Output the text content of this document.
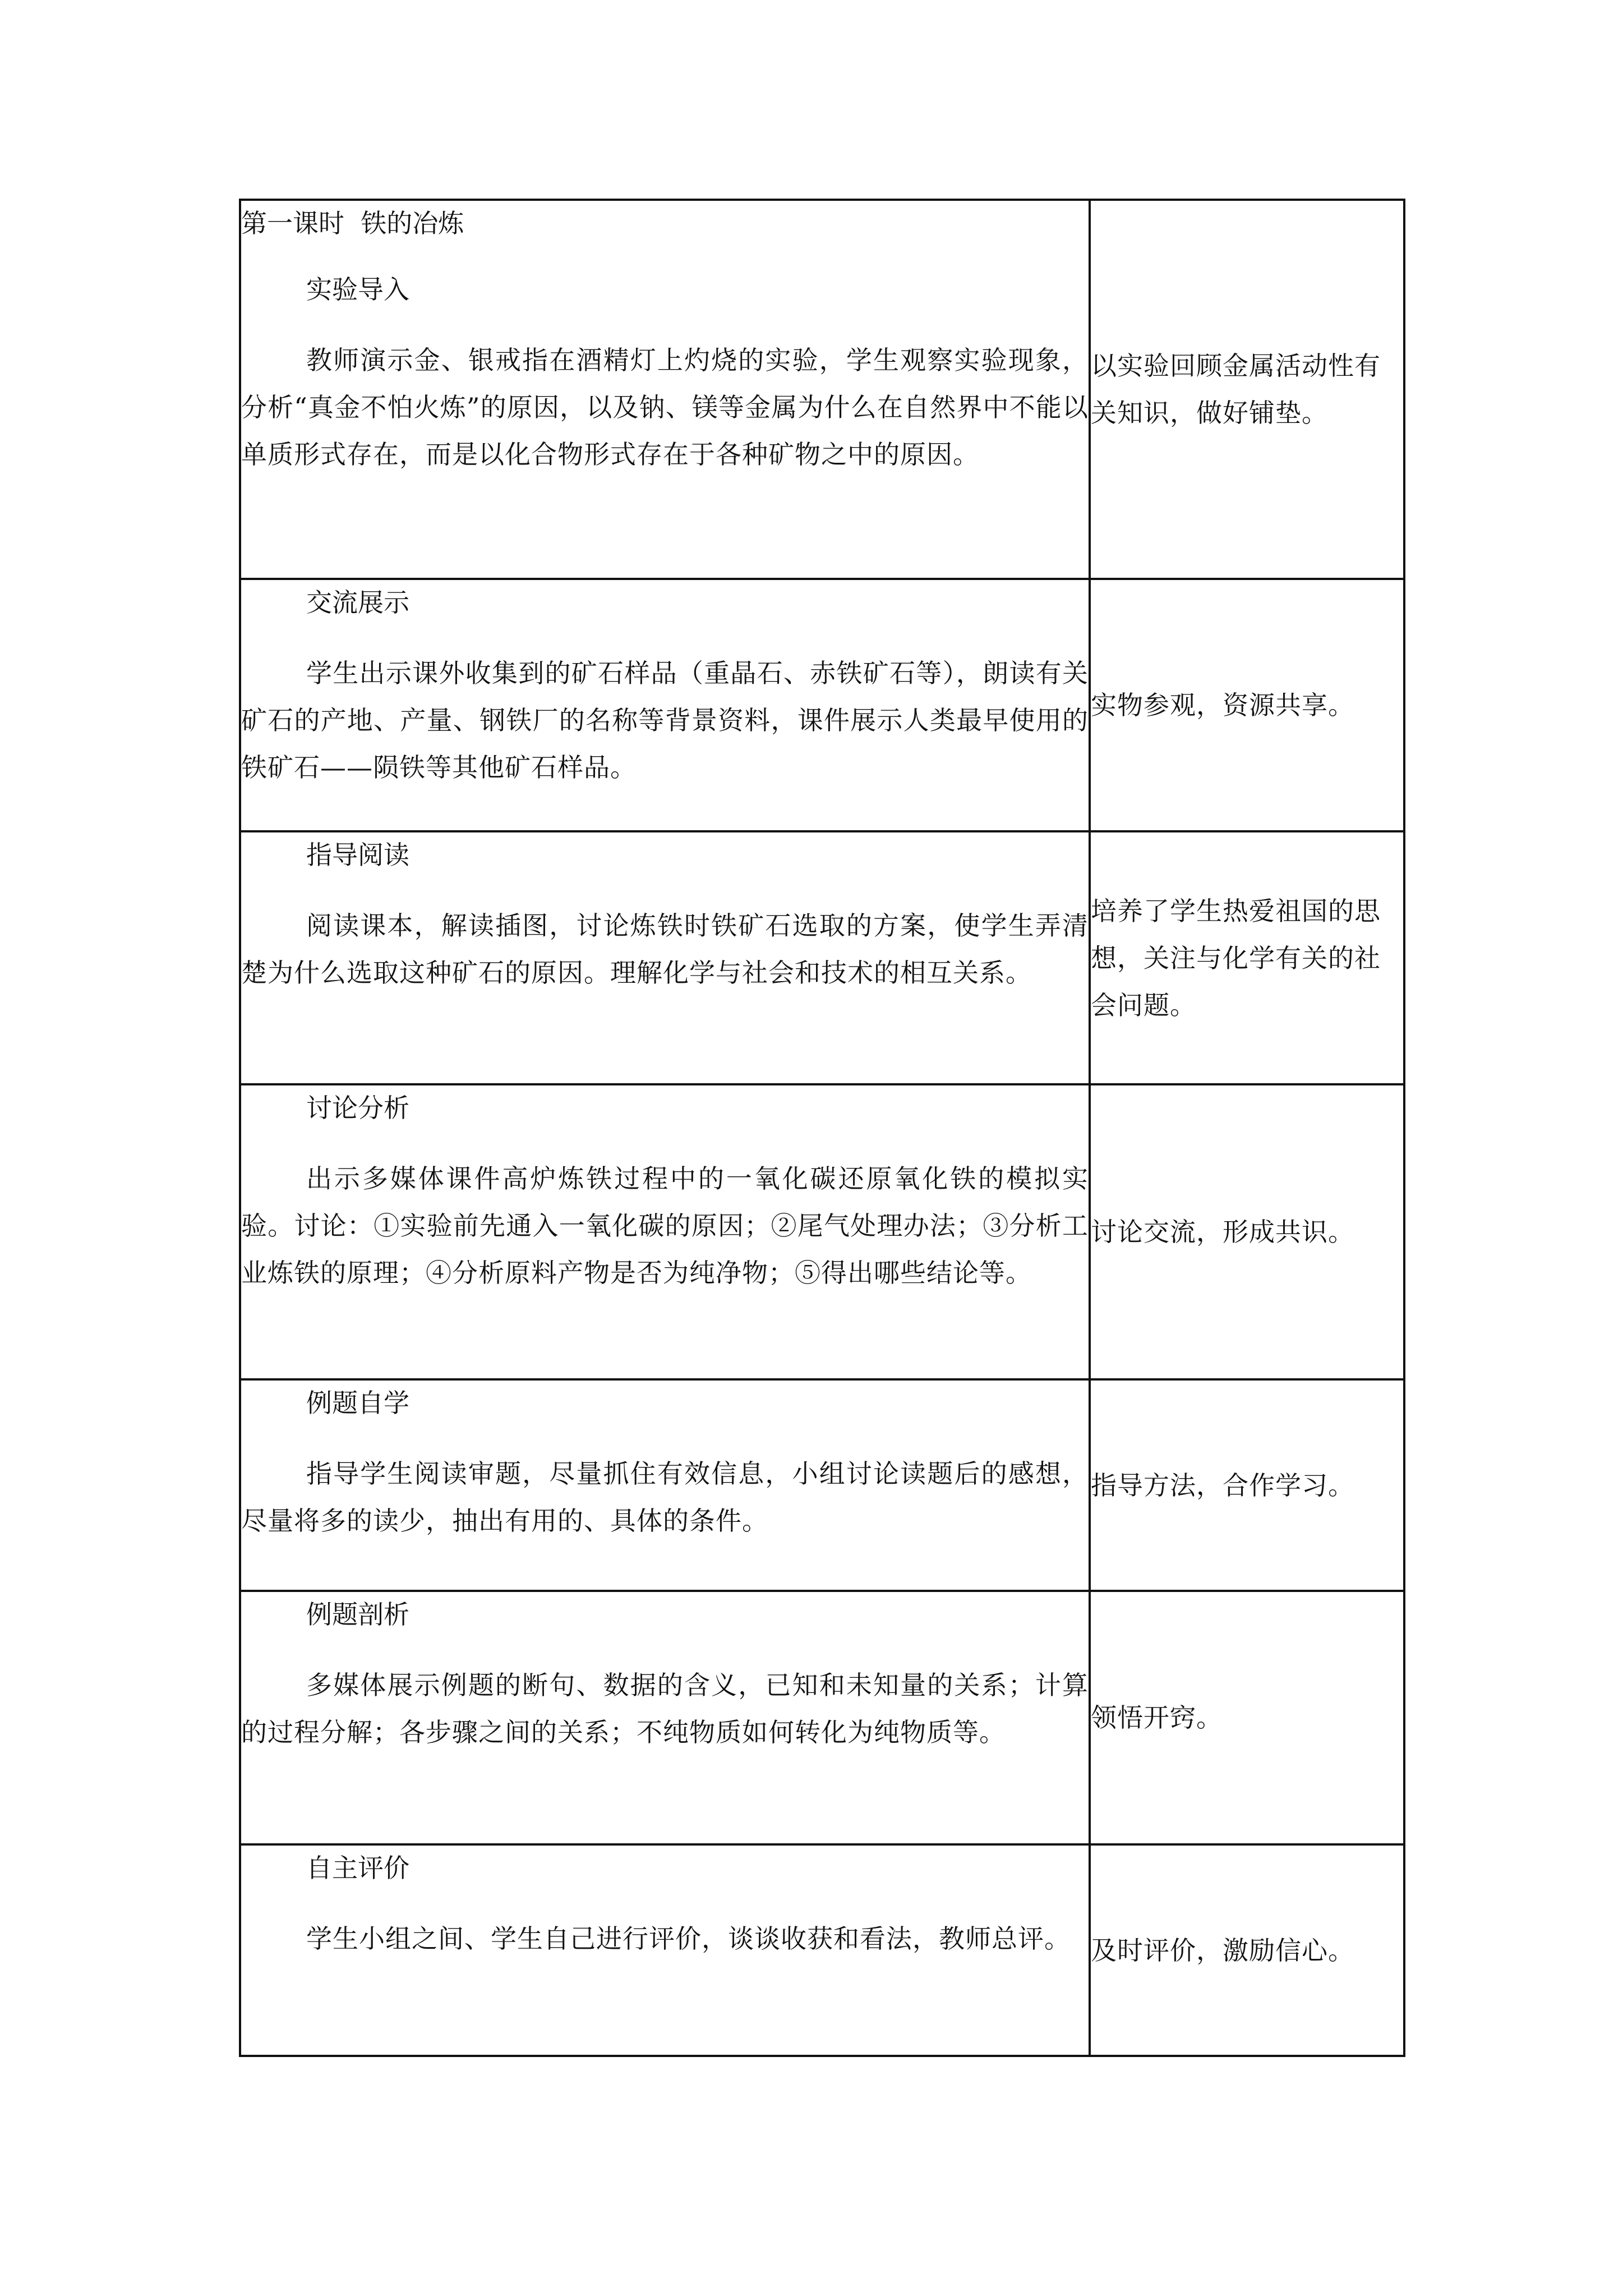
第一课时  铁的冶炼
实验导入

教师演示金、银戒指在酒精灯上灼烧的实验，学生观察实验现象，分析“真金不怕火炼”的原因，以及钠、镁等金属为什么在自然界中不能以单质形式存在，而是以化合物形式存在于各种矿物之中的原因。	以实验回顾金属活动性有关知识，做好铺垫。

交流展示

学生出示课外收集到的矿石样品（重晶石、赤铁矿石等），朗读有关矿石的产地、产量、钢铁厂的名称等背景资料，课件展示人类最早使用的铁矿石——陨铁等其他矿石样品。	实物参观，资源共享。

指导阅读

阅读课本，解读插图，讨论炼铁时铁矿石选取的方案，使学生弄清楚为什么选取这种矿石的原因。理解化学与社会和技术的相互关系。	培养了学生热爱祖国的思想，关注与化学有关的社会问题。

讨论分析

出示多媒体课件高炉炼铁过程中的一氧化碳还原氧化铁的模拟实验。讨论：①实验前先通入一氧化碳的原因；②尾气处理办法；③分析工业炼铁的原理；④分析原料产物是否为纯净物；⑤得出哪些结论等。	讨论交流，形成共识。

例题自学

指导学生阅读审题，尽量抓住有效信息，小组讨论读题后的感想，尽量将多的读少，抽出有用的、具体的条件。	指导方法，合作学习。

例题剖析

多媒体展示例题的断句、数据的含义，已知和未知量的关系；计算的过程分解；各步骤之间的关系；不纯物质如何转化为纯物质等。	领悟开窍。

自主评价

学生小组之间、学生自己进行评价，谈谈收获和看法，教师总评。	及时评价，激励信心。
